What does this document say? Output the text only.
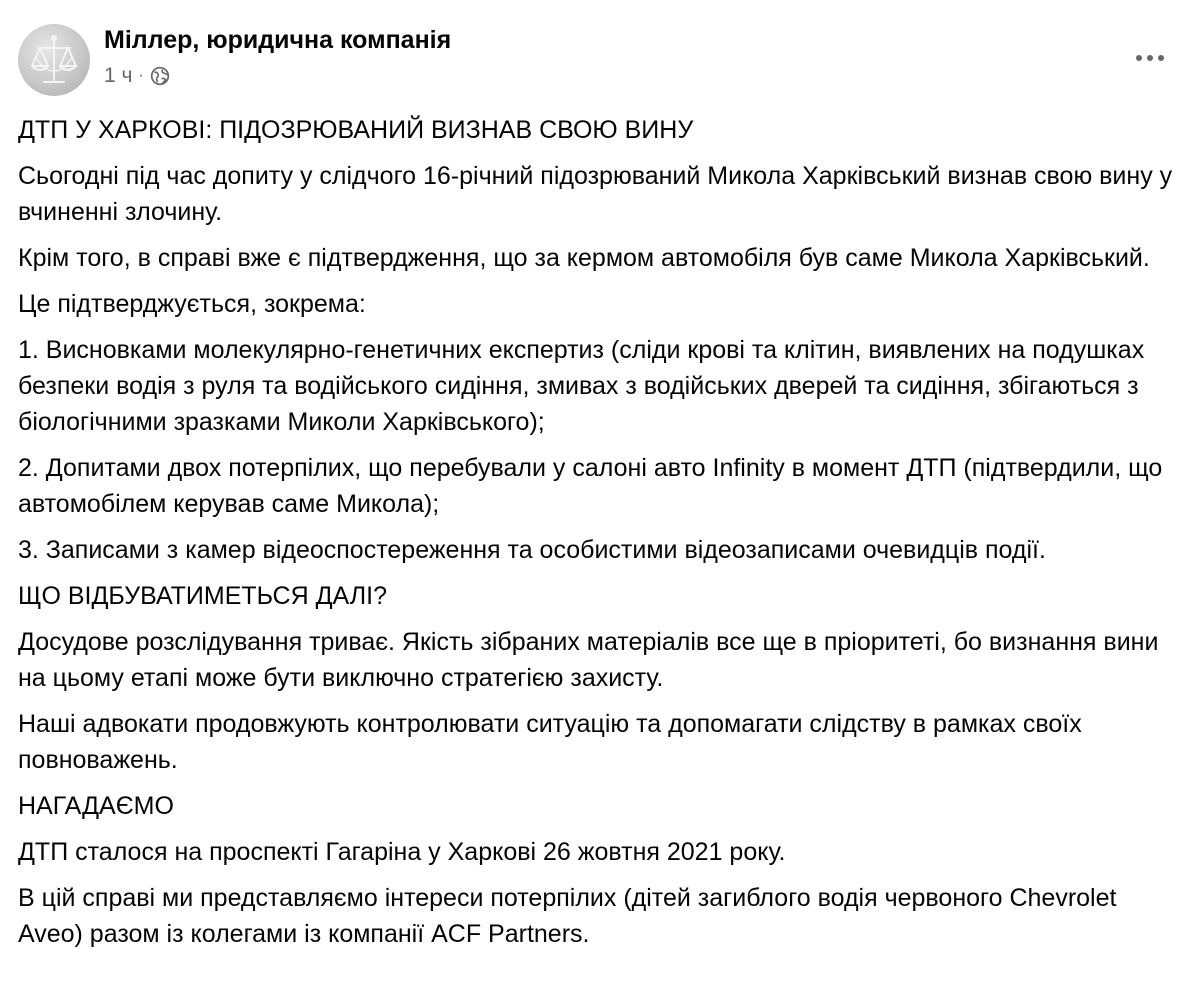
Міллер, юридична компанія
1 ч ·

ДТП У ХАРКОВІ: ПІДОЗРЮВАНИЙ ВИЗНАВ СВОЮ ВИНУ

Сьогодні під час допиту у слідчого 16-річний підозрюваний Микола Харківський визнав свою вину у вчиненні злочину.

Крім того, в справі вже є підтвердження, що за кермом автомобіля був саме Микола Харківський.

Це підтверджується, зокрема:

1. Висновками молекулярно-генетичних експертиз (сліди крові та клітин, виявлених на подушках безпеки водія з руля та водійського сидіння, змивах з водійських дверей та сидіння, збігаються з біологічними зразками Миколи Харківського);

2. Допитами двох потерпілих, що перебували у салоні авто Infinity в момент ДТП (підтвердили, що автомобілем керував саме Микола);

3. Записами з камер відеоспостереження та особистими відеозаписами очевидців події.

ЩО ВІДБУВАТИМЕТЬСЯ ДАЛІ?

Досудове розслідування триває. Якість зібраних матеріалів все ще в пріоритеті, бо визнання вини на цьому етапі може бути виключно стратегією захисту.

Наші адвокати продовжують контролювати ситуацію та допомагати слідству в рамках своїх повноважень.

НАГАДАЄМО

ДТП сталося на проспекті Гагаріна у Харкові 26 жовтня 2021 року.

В цій справі ми представляємо інтереси потерпілих (дітей загиблого водія червоного Chevrolet Aveo) разом із колегами із компанії ACF Partners.
